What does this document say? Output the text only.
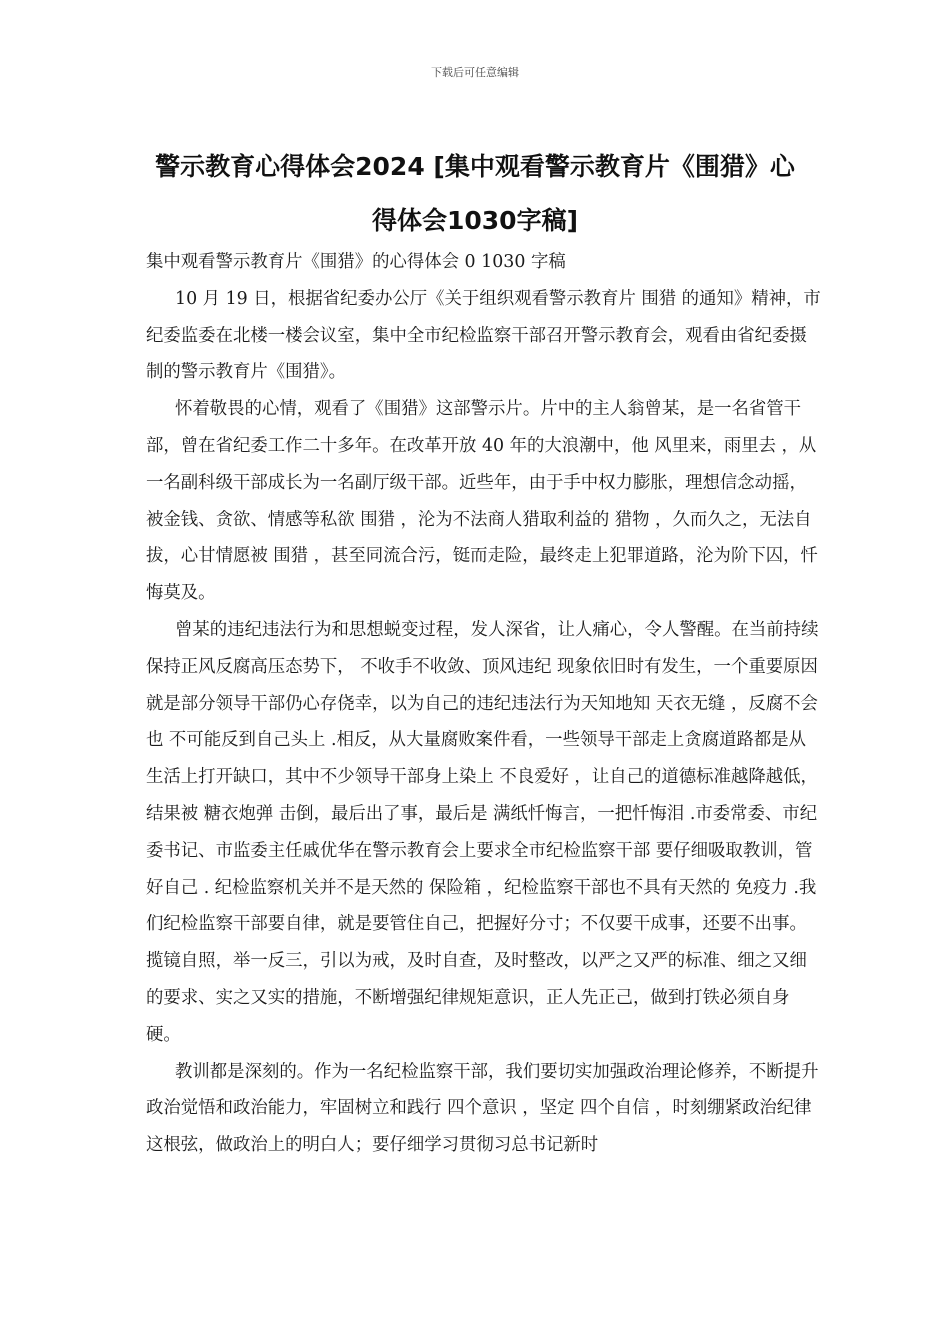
下载后可任意编辑
警示教育心得体会2024 [集中观看警示教育片《围猎》心
得体会1030字稿]

集中观看警示教育片《围猎》的心得体会 0 1030 字稿

10 月 19 日，根据省纪委办公厅《关于组织观看警示教育片 围猎 的通知》精神，市纪委监委在北楼一楼会议室，集中全市纪检监察干部召开警示教育会，观看由省纪委摄制的警示教育片《围猎》。

怀着敬畏的心情，观看了《围猎》这部警示片。片中的主人翁曾某，是一名省管干部，曾在省纪委工作二十多年。在改革开放 40 年的大浪潮中，他 风里来，雨里去 ，从一名副科级干部成长为一名副厅级干部。近些年，由于手中权力膨胀，理想信念动摇，被金钱、贪欲、情感等私欲 围猎 ，沦为不法商人猎取利益的 猎物 ，久而久之，无法自拔，心甘情愿被 围猎 ，甚至同流合污，铤而走险，最终走上犯罪道路，沦为阶下囚，忏悔莫及。

曾某的违纪违法行为和思想蜕变过程，发人深省，让人痛心，令人警醒。在当前持续保持正风反腐高压态势下， 不收手不收敛、顶风违纪 现象依旧时有发生，一个重要原因就是部分领导干部仍心存侥幸，以为自己的违纪违法行为天知地知 天衣无缝 ，反腐不会也 不可能反到自己头上 .相反，从大量腐败案件看，一些领导干部走上贪腐道路都是从生活上打开缺口，其中不少领导干部身上染上 不良爱好 ，让自己的道德标准越降越低，结果被 糖衣炮弹 击倒，最后出了事，最后是 满纸忏悔言，一把忏悔泪 .市委常委、市纪委书记、市监委主任戚优华在警示教育会上要求全市纪检监察干部 要仔细吸取教训，管好自己 . 纪检监察机关并不是天然的 保险箱 ，纪检监察干部也不具有天然的 免疫力 .我们纪检监察干部要自律，就是要管住自己，把握好分寸；不仅要干成事，还要不出事。揽镜自照，举一反三，引以为戒，及时自查，及时整改，以严之又严的标准、细之又细的要求、实之又实的措施，不断增强纪律规矩意识，正人先正己，做到打铁必须自身硬。

教训都是深刻的。作为一名纪检监察干部，我们要切实加强政治理论修养，不断提升政治觉悟和政治能力，牢固树立和践行 四个意识 ，坚定 四个自信 ，时刻绷紧政治纪律这根弦，做政治上的明白人；要仔细学习贯彻习总书记新时
